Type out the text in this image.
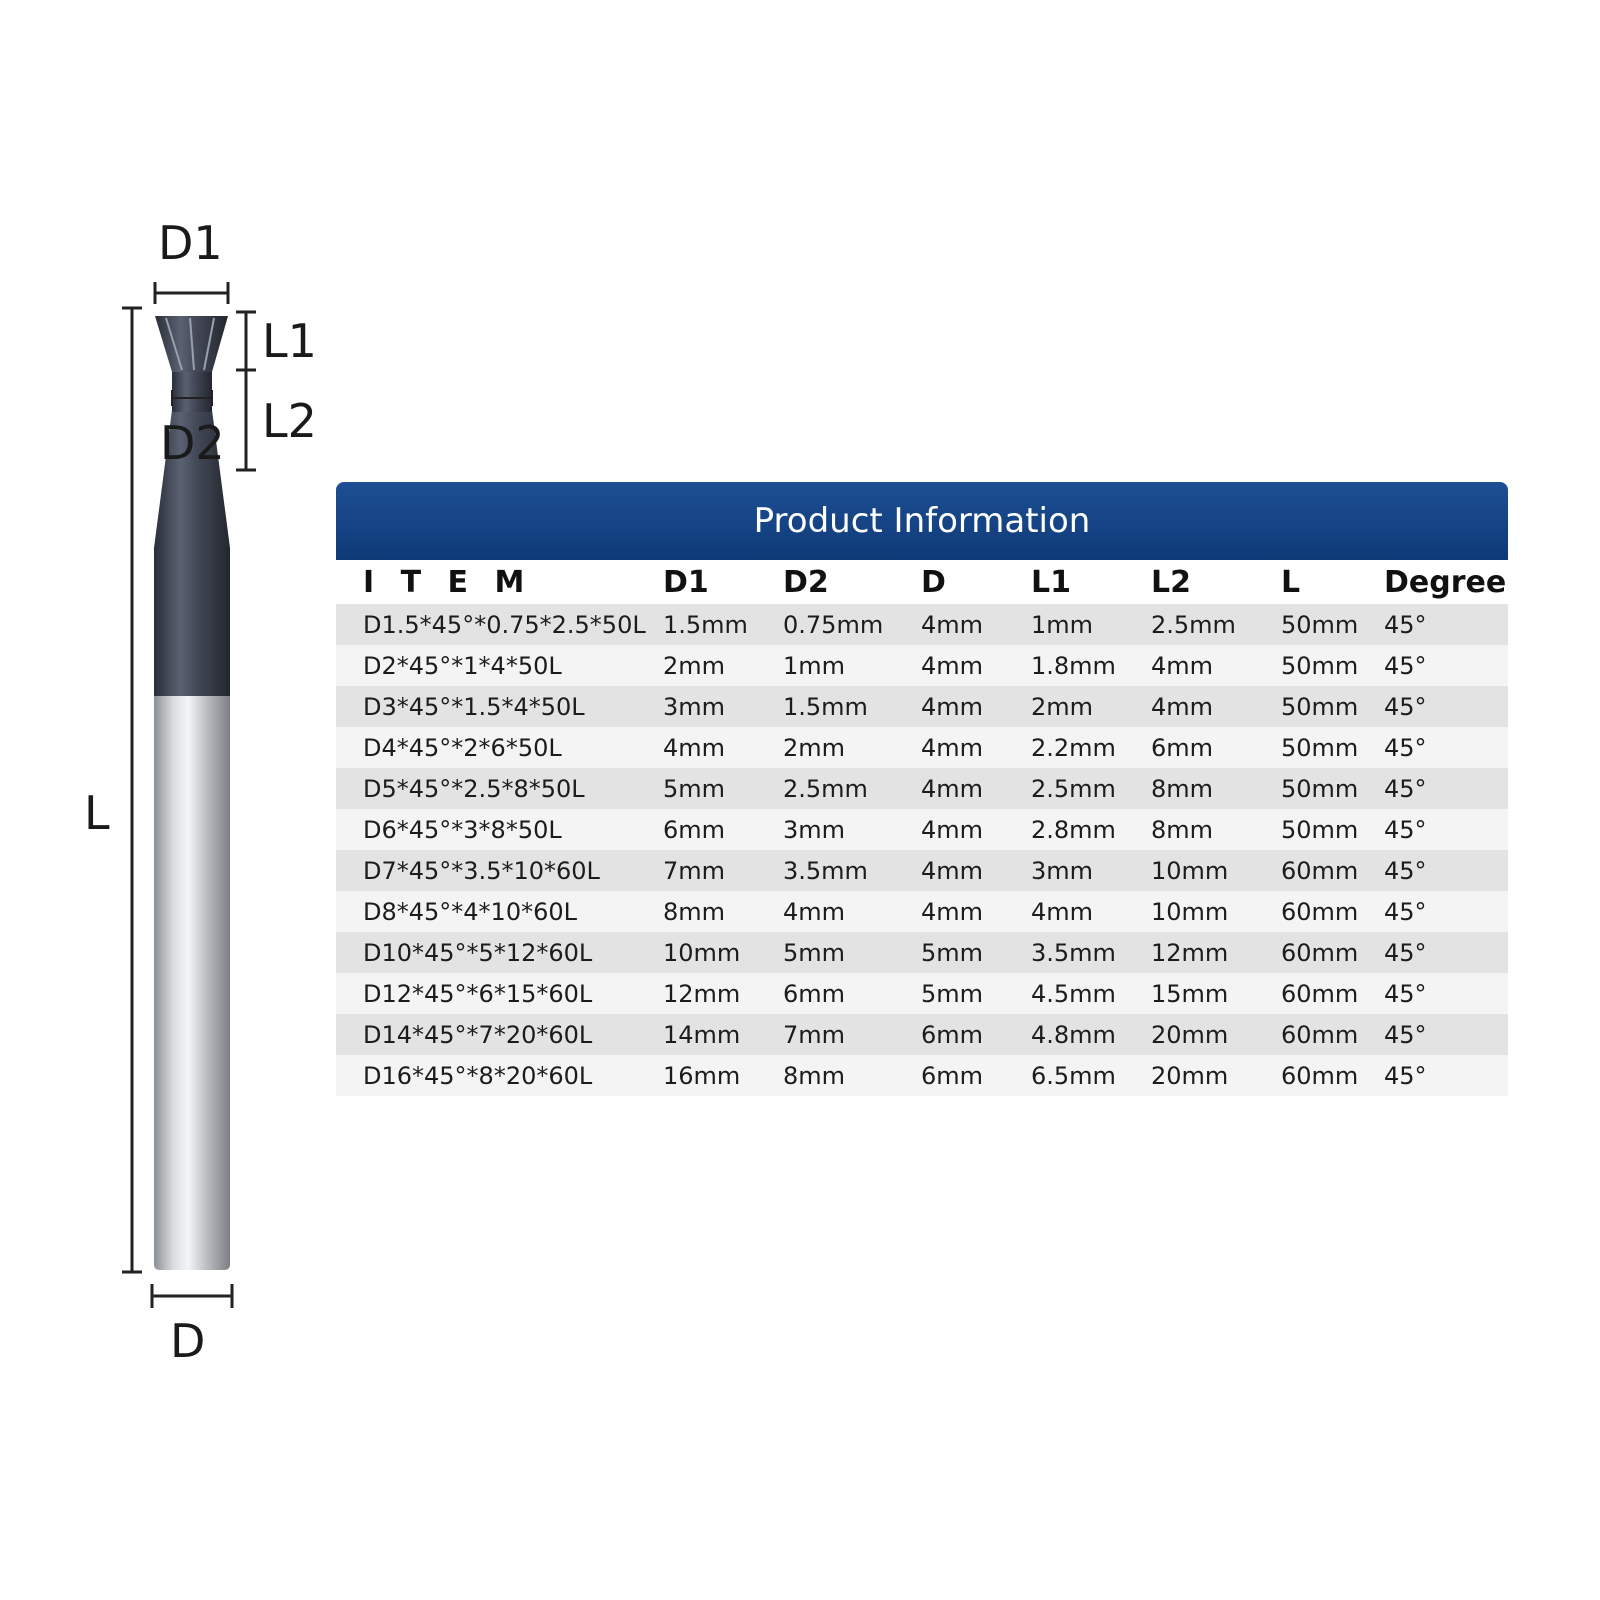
D1
L1
L2
D2
L
D
Product Information
I T E M	D1 D2	D	L1	L2	L	Degree
D1.5*45°*0.75*2.5*50L 1.5mm 0.75mm 4mm 1mm 2.5mm 50mm 45°
D2*45°*1*4*50L	2mm 1mm	4mm 1.8mm 4mm	50mm 45°
D3*45°*1.5*4*50L	3mm 1.5mm 4mm 2mm 4mm	50mm 45°
D4*45°*2*6*50L	4mm 2mm	4mm 2.2mm 6mm	50mm 45°
D5*45°*2.5*8*50L	5mm 2.5mm 4mm 2.5mm 8mm	50mm 45°
D6*45°*3*8*50L	6mm 3mm	4mm 2.8mm 8mm	50mm 45°
D7*45°*3.5*10*60L	7mm 3.5mm 4mm 3mm 10mm 60mm 45°
D8*45°*4*10*60L	8mm 4mm	4mm 4mm 10mm 60mm 45°
D10*45°*5*12*60L	10mm 5mm	5mm 3.5mm 12mm 60mm 45°
D12*45°*6*15*60L	12mm 6mm	5mm 4.5mm 15mm 60mm 45°
D14*45°*7*20*60L	14mm 7mm	6mm 4.8mm 20mm 60mm 45°
D16*45°*8*20*60L	16mm 8mm	6mm 6.5mm 20mm 60mm 45°
